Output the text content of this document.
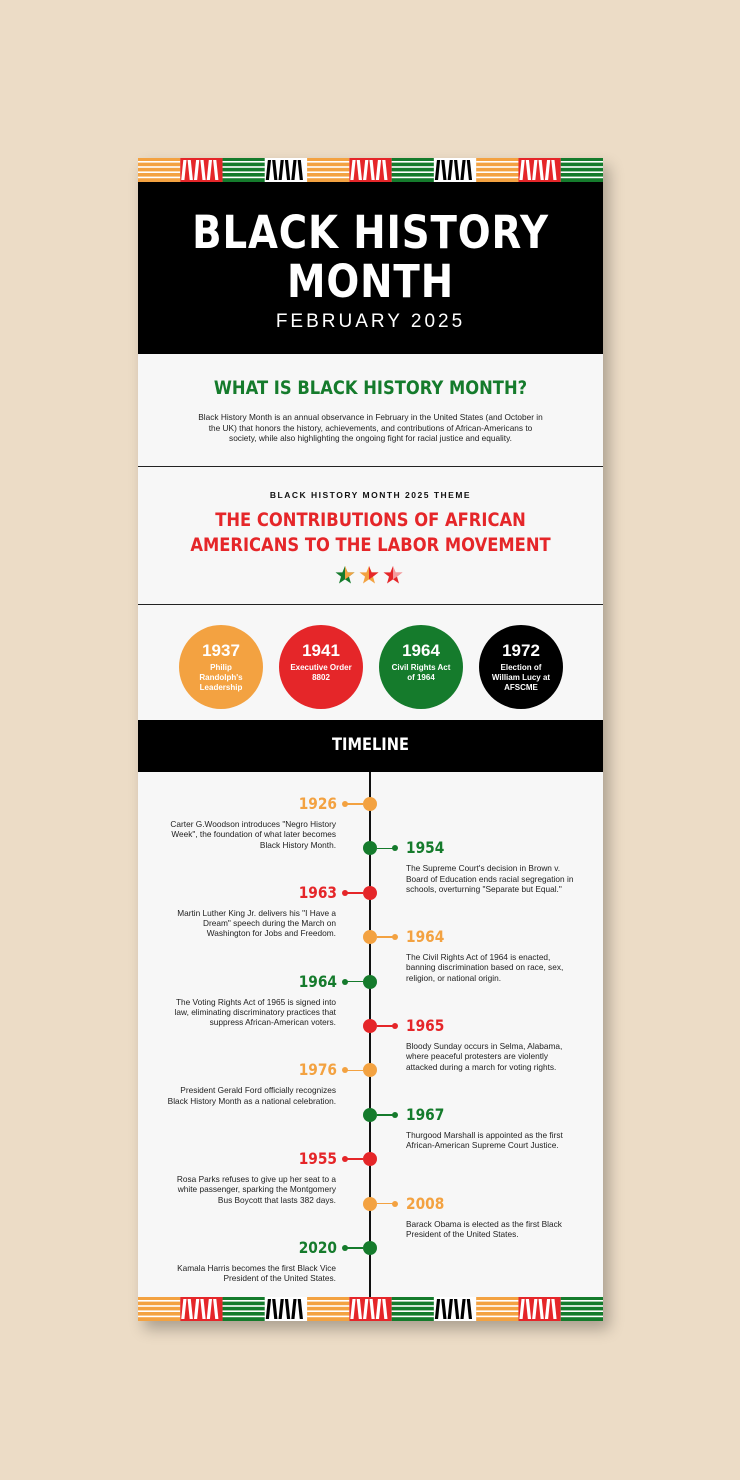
BLACK HISTORY MONTH
FEBRUARY 2025
WHAT IS BLACK HISTORY MONTH?
Black History Month is an annual observance in February in the United States (and October in the UK) that honors the history, achievements, and contributions of African-Americans to society, while also highlighting the ongoing fight for racial justice and equality.
BLACK HISTORY MONTH 2025 THEME
THE CONTRIBUTIONS OF AFRICAN AMERICANS TO THE LABOR MOVEMENT
1937
Philip Randolph's Leadership
1941
Executive Order 8802
1964
Civil Rights Act of 1964
1972
Election of William Lucy at AFSCME
TIMELINE
1926
Carter G.Woodson introduces "Negro History Week", the foundation of what later becomes Black History Month.	1954
The Supreme Court's decision in Brown v. Board of Education ends racial segregation in schools, overturning "Separate but Equal."
1963
Martin Luther King Jr. delivers his "I Have a Dream" speech during the March on Washington for Jobs and Freedom.	1964
The Civil Rights Act of 1964 is enacted, banning discrimination based on race, sex, religion, or national origin.
1964
The Voting Rights Act of 1965 is signed into law, eliminating discriminatory practices that suppress African-American voters.	1965
Bloody Sunday occurs in Selma, Alabama, where peaceful protesters are violently attacked during a march for voting rights.
1976
President Gerald Ford officially recognizes Black History Month as a national celebration.
1967
Thurgood Marshall is appointed as the first African-American Supreme Court Justice.
1955
Rosa Parks refuses to give up her seat to a white passenger, sparking the Montgomery Bus Boycott that lasts 382 days.	2008
Barack Obama is elected as the first Black President of the United States.
2020
Kamala Harris becomes the first Black Vice President of the United States.
